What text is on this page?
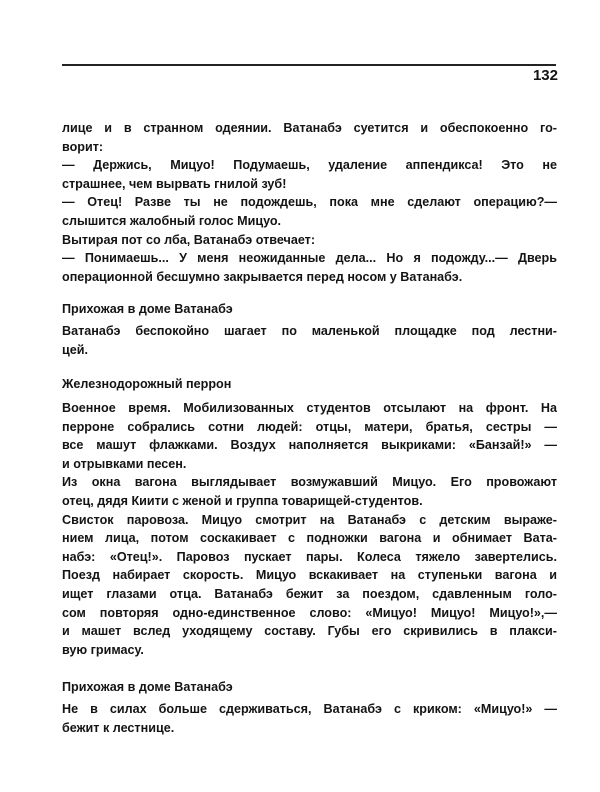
132
лице и в странном одеянии. Ватанабэ суетится и обеспокоенно го-
ворит:
— Держись, Мицуо! Подумаешь, удаление аппендикса! Это не
страшнее, чем вырвать гнилой зуб!
— Отец! Разве ты не подождешь, пока мне сделают операцию?—
слышится жалобный голос Мицуо.
Вытирая пот со лба, Ватанабэ отвечает:
— Понимаешь... У меня неожиданные дела... Но я подожду...— Дверь
операционной бесшумно закрывается перед носом у Ватанабэ.
Прихожая в доме Ватанабэ
Ватанабэ беспокойно шагает по маленькой площадке под лестни-
цей.
Железнодорожный перрон
Военное время. Мобилизованных студентов отсылают на фронт. На
перроне собрались сотни людей: отцы, матери, братья, сестры —
все машут флажками. Воздух наполняется выкриками: «Банзай!» —
и отрывками песен.
Из окна вагона выглядывает возмужавший Мицуо. Его провожают
отец, дядя Киити с женой и группа товарищей-студентов.
Свисток паровоза. Мицуо смотрит на Ватанабэ с детским выраже-
нием лица, потом соскакивает с подножки вагона и обнимает Вата-
набэ: «Отец!». Паровоз пускает пары. Колеса тяжело завертелись.
Поезд набирает скорость. Мицуо вскакивает на ступеньки вагона и
ищет глазами отца. Ватанабэ бежит за поездом, сдавленным голо-
сом повторяя одно-единственное слово: «Мицуо! Мицуо! Мицуо!»,—
и машет вслед уходящему составу. Губы его скривились в плакси-
вую гримасу.
Прихожая в доме Ватанабэ
Не в силах больше сдерживаться, Ватанабэ с криком: «Мицуо!» —
бежит к лестнице.
